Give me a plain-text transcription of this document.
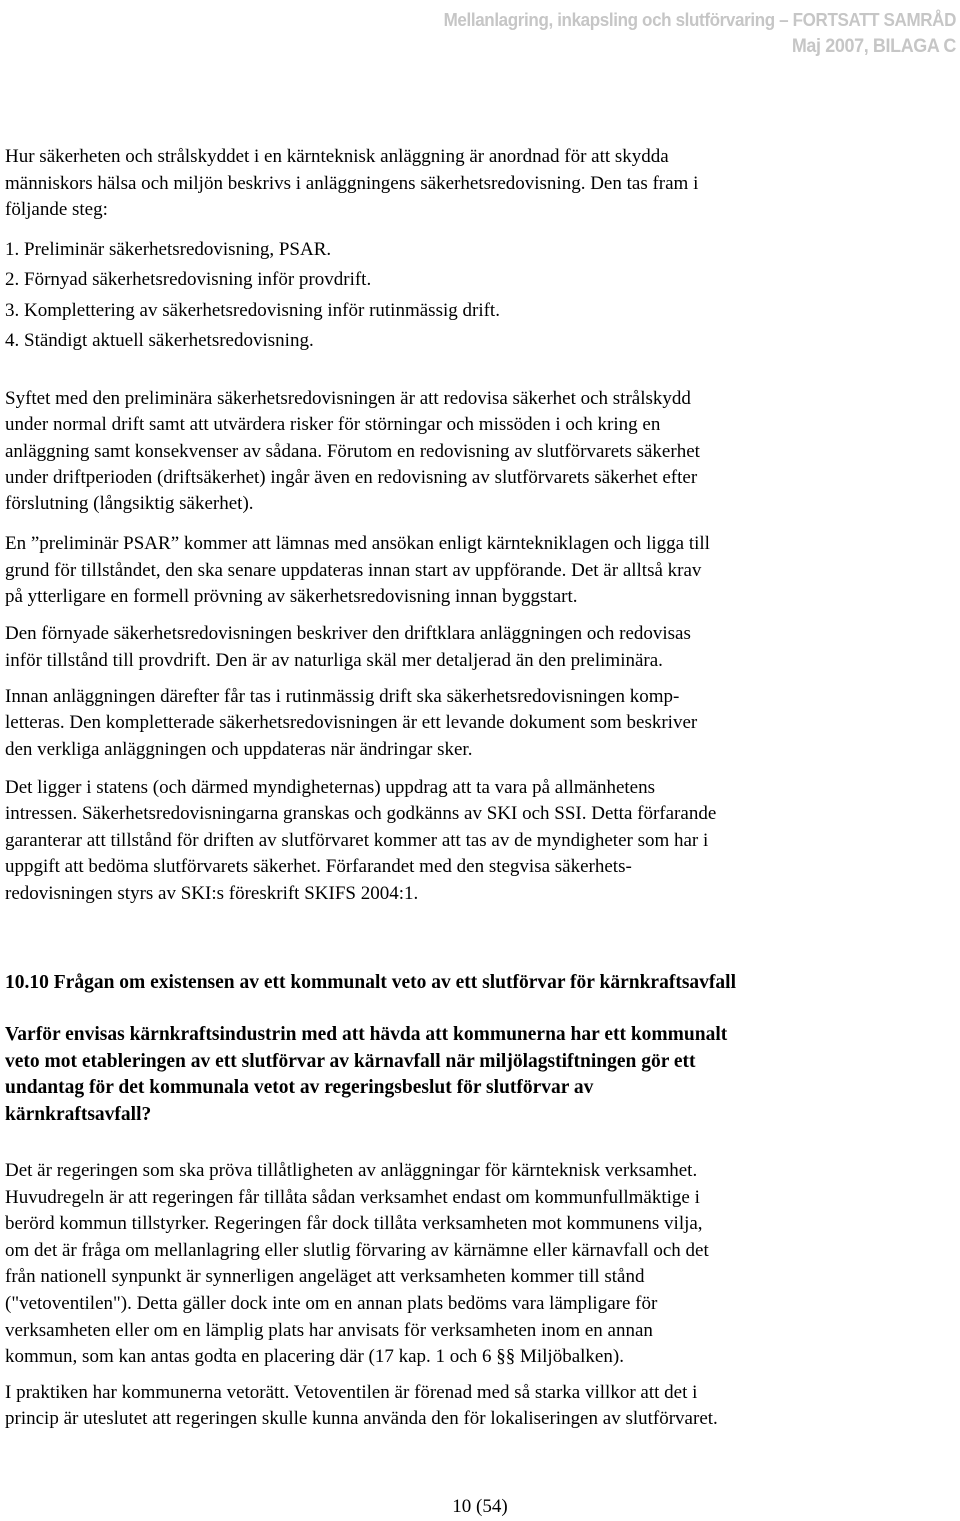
Mellanlagring, inkapsling och slutförvaring – FORTSATT SAMRÅD
Maj 2007, BILAGA C
Hur säkerheten och strålskyddet i en kärnteknisk anläggning är anordnad för att skydda
människors hälsa och miljön beskrivs i anläggningens säkerhetsredovisning. Den tas fram i
följande steg:
1. Preliminär säkerhetsredovisning, PSAR.
2. Förnyad säkerhetsredovisning inför provdrift.
3. Komplettering av säkerhetsredovisning inför rutinmässig drift.
4. Ständigt aktuell säkerhetsredovisning.
Syftet med den preliminära säkerhetsredovisningen är att redovisa säkerhet och strålskydd
under normal drift samt att utvärdera risker för störningar och missöden i och kring en
anläggning samt konsekvenser av sådana. Förutom en redovisning av slutförvarets säkerhet
under driftperioden (driftsäkerhet) ingår även en redovisning av slutförvarets säkerhet efter
förslutning (långsiktig säkerhet).
En ”preliminär PSAR” kommer att lämnas med ansökan enligt kärntekniklagen och ligga till
grund för tillståndet, den ska senare uppdateras innan start av uppförande. Det är alltså krav
på ytterligare en formell prövning av säkerhetsredovisning innan byggstart.
Den förnyade säkerhetsredovisningen beskriver den driftklara anläggningen och redovisas
inför tillstånd till provdrift. Den är av naturliga skäl mer detaljerad än den preliminära.
Innan anläggningen därefter får tas i rutinmässig drift ska säkerhetsredovisningen komp-
letteras. Den kompletterade säkerhetsredovisningen är ett levande dokument som beskriver
den verkliga anläggningen och uppdateras när ändringar sker.
Det ligger i statens (och därmed myndigheternas) uppdrag att ta vara på allmänhetens
intressen. Säkerhetsredovisningarna granskas och godkänns av SKI och SSI. Detta förfarande
garanterar att tillstånd för driften av slutförvaret kommer att tas av de myndigheter som har i
uppgift att bedöma slutförvarets säkerhet. Förfarandet med den stegvisa säkerhets-
redovisningen styrs av SKI:s föreskrift SKIFS 2004:1.
10.10 Frågan om existensen av ett kommunalt veto av ett slutförvar för kärnkraftsavfall
Varför envisas kärnkraftsindustrin med att hävda att kommunerna har ett kommunalt
veto mot etableringen av ett slutförvar av kärnavfall när miljölagstiftningen gör ett
undantag för det kommunala vetot av regeringsbeslut för slutförvar av
kärnkraftsavfall?
Det är regeringen som ska pröva tillåtligheten av anläggningar för kärnteknisk verksamhet.
Huvudregeln är att regeringen får tillåta sådan verksamhet endast om kommunfullmäktige i
berörd kommun tillstyrker. Regeringen får dock tillåta verksamheten mot kommunens vilja,
om det är fråga om mellanlagring eller slutlig förvaring av kärnämne eller kärnavfall och det
från nationell synpunkt är synnerligen angeläget att verksamheten kommer till stånd
("vetoventilen"). Detta gäller dock inte om en annan plats bedöms vara lämpligare för
verksamheten eller om en lämplig plats har anvisats för verksamheten inom en annan
kommun, som kan antas godta en placering där (17 kap. 1 och 6 §§ Miljöbalken).
I praktiken har kommunerna vetorätt. Vetoventilen är förenad med så starka villkor att det i
princip är uteslutet att regeringen skulle kunna använda den för lokaliseringen av slutförvaret.
10 (54)
